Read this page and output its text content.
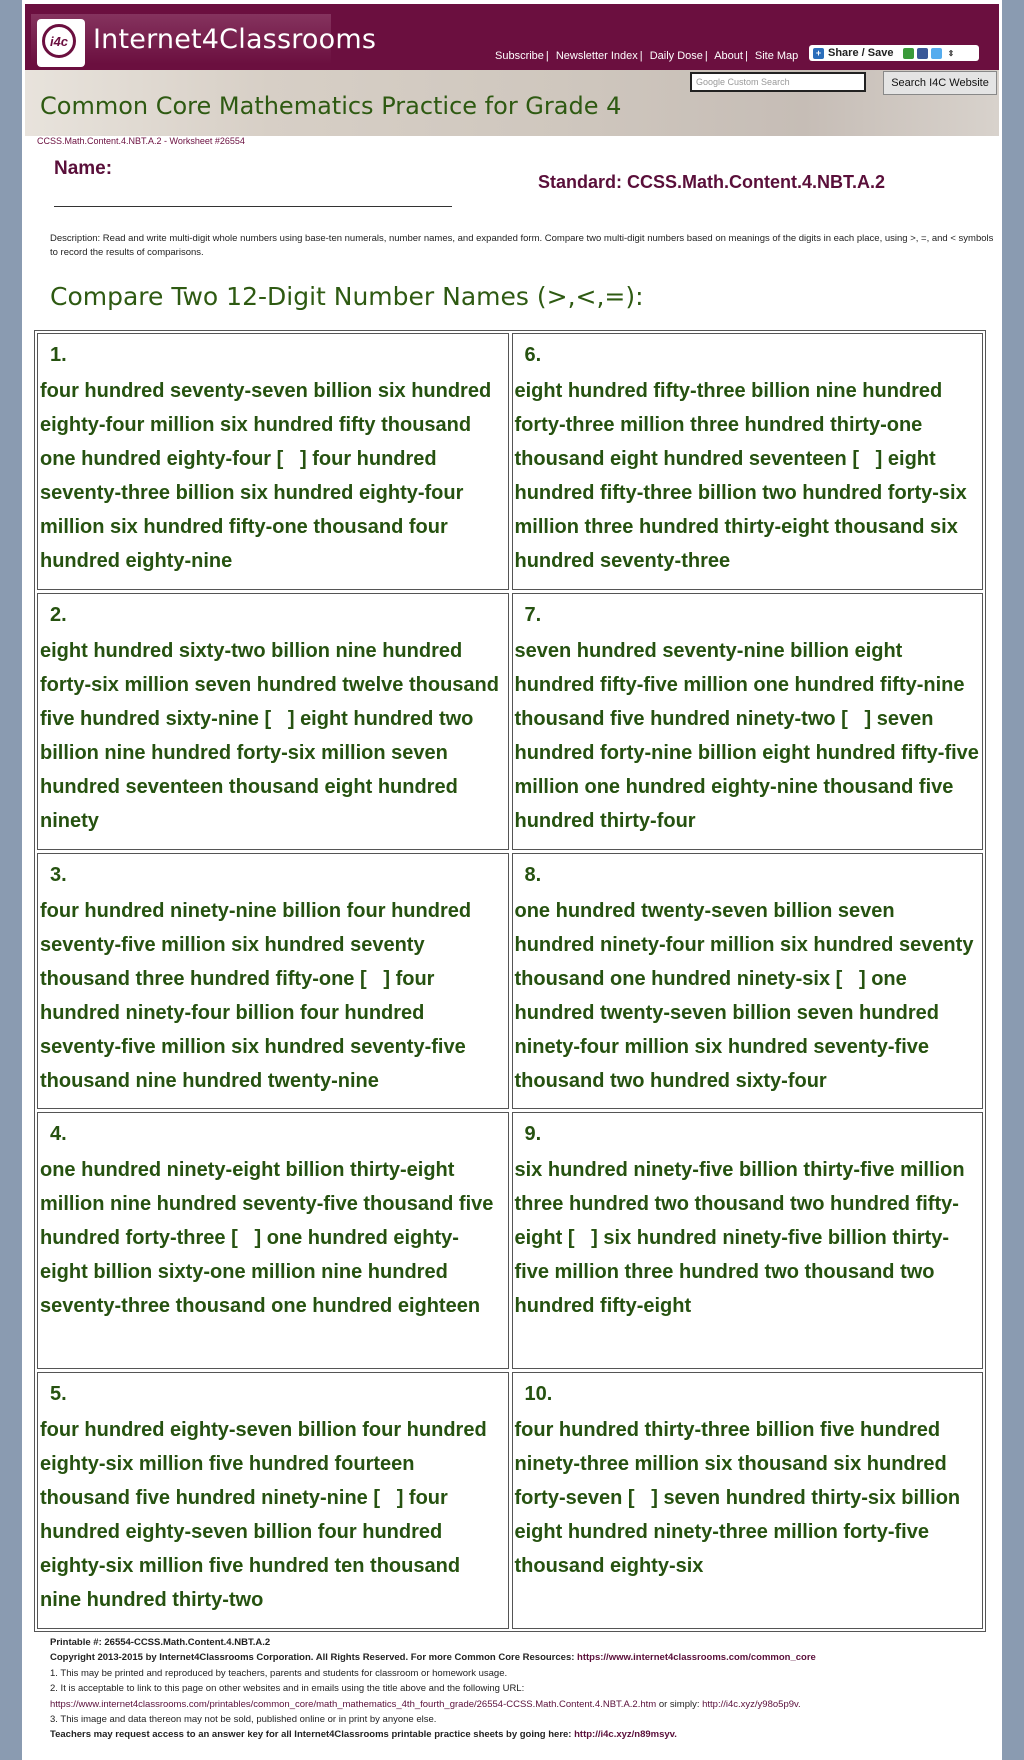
i4c Internet4Classrooms
Subscribe | Newsletter Index | Daily Dose | About | Site Map	+ Share / Save	⇕
Google Custom Search	Search I4C Website
Common Core Mathematics Practice for Grade 4
CCSS.Math.Content.4.NBT.A.2 - Worksheet #26554
Name:
Standard: CCSS.Math.Content.4.NBT.A.2
Description: Read and write multi-digit whole numbers using base-ten numerals, number names, and expanded form. Compare two multi-digit numbers based on meanings of the digits in each place, using >, =, and < symbols to record the results of comparisons.
Compare Two 12-Digit Number Names (>,<,=):
1.
four hundred seventy-seven billion six hundred eighty-four million six hundred fifty thousand one hundred eighty-four [   ] four hundred seventy-three billion six hundred eighty-four million six hundred fifty-one thousand four hundred eighty-nine
6.
eight hundred fifty-three billion nine hundred forty-three million three hundred thirty-one thousand eight hundred seventeen [   ] eight hundred fifty-three billion two hundred forty-six million three hundred thirty-eight thousand six hundred seventy-three
2.
eight hundred sixty-two billion nine hundred forty-six million seven hundred twelve thousand five hundred sixty-nine [   ] eight hundred two billion nine hundred forty-six million seven hundred seventeen thousand eight hundred ninety
7.
seven hundred seventy-nine billion eight hundred fifty-five million one hundred fifty-nine thousand five hundred ninety-two [   ] seven hundred forty-nine billion eight hundred fifty-five million one hundred eighty-nine thousand five hundred thirty-four
3.
four hundred ninety-nine billion four hundred seventy-five million six hundred seventy thousand three hundred fifty-one [   ] four hundred ninety-four billion four hundred seventy-five million six hundred seventy-five thousand nine hundred twenty-nine
8.
one hundred twenty-seven billion seven hundred ninety-four million six hundred seventy thousand one hundred ninety-six [   ] one hundred twenty-seven billion seven hundred ninety-four million six hundred seventy-five thousand two hundred sixty-four
4.
one hundred ninety-eight billion thirty-eight million nine hundred seventy-five thousand five hundred forty-three [   ] one hundred eighty-eight billion sixty-one million nine hundred seventy-three thousand one hundred eighteen
9.
six hundred ninety-five billion thirty-five million three hundred two thousand two hundred fifty-eight [   ] six hundred ninety-five billion thirty-five million three hundred two thousand two hundred fifty-eight
5.
four hundred eighty-seven billion four hundred eighty-six million five hundred fourteen thousand five hundred ninety-nine [   ] four hundred eighty-seven billion four hundred eighty-six million five hundred ten thousand nine hundred thirty-two
10.
four hundred thirty-three billion five hundred ninety-three million six thousand six hundred forty-seven [   ] seven hundred thirty-six billion eight hundred ninety-three million forty-five thousand eighty-six
Printable #: 26554-CCSS.Math.Content.4.NBT.A.2
Copyright 2013-2015 by Internet4Classrooms Corporation. All Rights Reserved. For more Common Core Resources: https://www.internet4classrooms.com/common_core
1. This may be printed and reproduced by teachers, parents and students for classroom or homework usage.
2. It is acceptable to link to this page on other websites and in emails using the title above and the following URL:
https://www.internet4classrooms.com/printables/common_core/math_mathematics_4th_fourth_grade/26554-CCSS.Math.Content.4.NBT.A.2.htm or simply: http://i4c.xyz/y98o5p9v.
3. This image and data thereon may not be sold, published online or in print by anyone else.
Teachers may request access to an answer key for all Internet4Classrooms printable practice sheets by going here: http://i4c.xyz/n89msyv.
